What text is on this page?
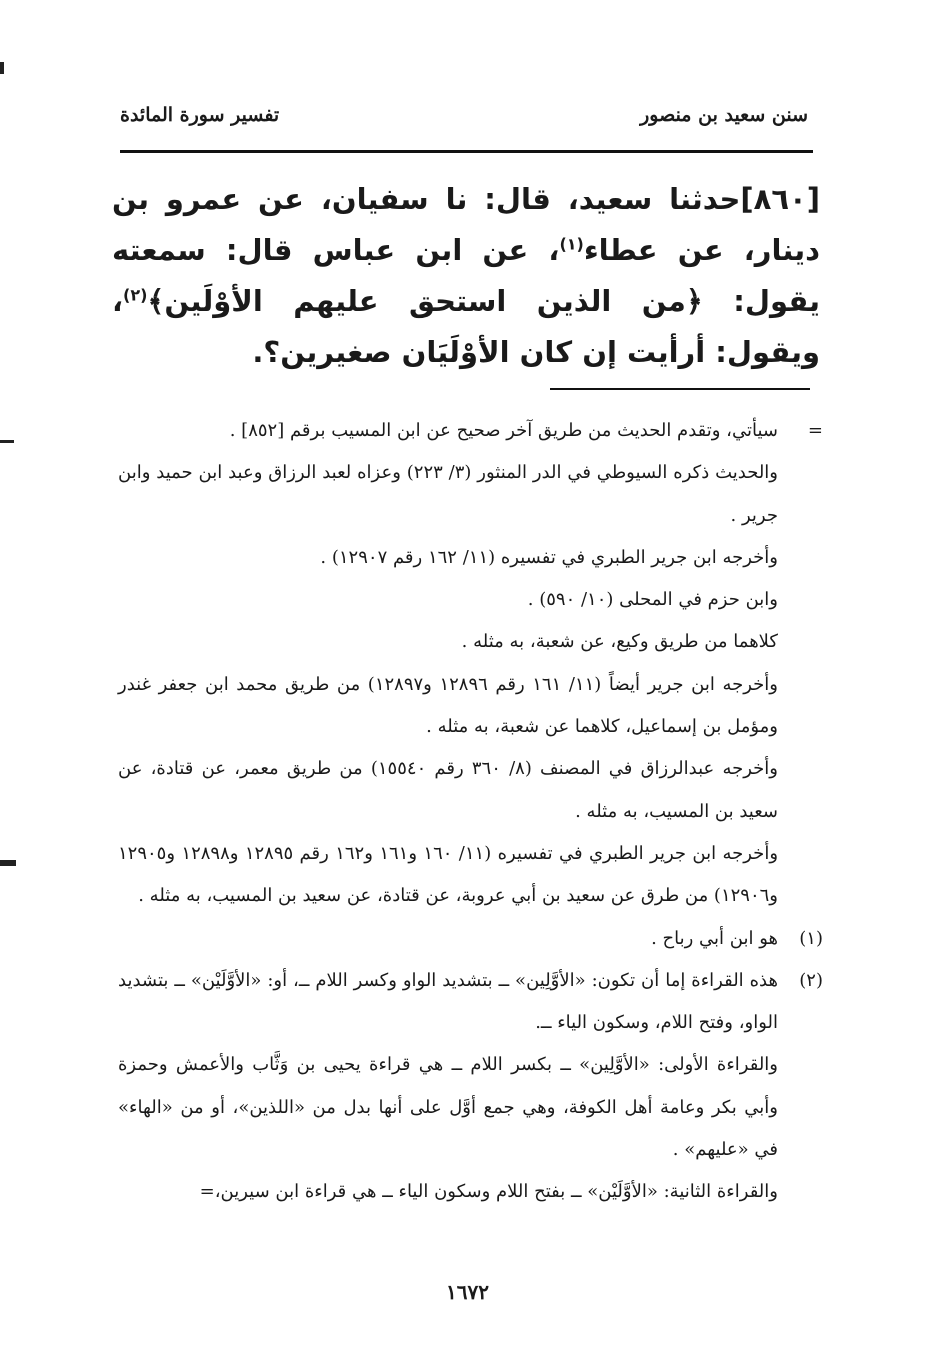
سنن سعيد بن منصور
تفسير سورة المائدة
[٨٦٠]حدثنا سعيد، قال: نا سفيان، عن عمرو بن دينار، عن عطاء$^{(١)}$، عن ابن عباس قال: سمعته يقول: ﴿من الذين استحق عليهم الأوْلَين﴾$^{(٢)}$، ويقول: أرأيت إن كان الأوْلَيَان صغيرين؟.
=

سيأتي، وتقدم الحديث من طريق آخر صحيح عن ابن المسيب برقم [٨٥٢] .

والحديث ذكره السيوطي في الدر المنثور (٣/ ٢٢٣) وعزاه لعبد الرزاق وعبد ابن حميد وابن جرير .

وأخرجه ابن جرير الطبري في تفسيره (١١/ ١٦٢ رقم ١٢٩٠٧) .

وابن حزم في المحلى (١٠/ ٥٩٠) .

كلاهما من طريق وكيع، عن شعبة، به مثله .

وأخرجه ابن جرير أيضاً (١١/ ١٦١ رقم ١٢٨٩٦ و١٢٨٩٧) من طريق محمد ابن جعفر غندر ومؤمل بن إسماعيل، كلاهما عن شعبة، به مثله .

وأخرجه عبدالرزاق في المصنف (٨/ ٣٦٠ رقم ١٥٥٤٠) من طريق معمر، عن قتادة، عن سعيد بن المسيب، به مثله .

وأخرجه ابن جرير الطبري في تفسيره (١١/ ١٦٠ و١٦١ و١٦٢ رقم ١٢٨٩٥ و١٢٨٩٨ و١٢٩٠٥ و١٢٩٠٦) من طرق عن سعيد بن أبي عروبة، عن قتادة، عن سعيد بن المسيب، به مثله .

(١)

هو ابن أبي رباح .

(٢)

هذه القراءة إما أن تكون: «الأوَّلِين» ــ بتشديد الواو وكسر اللام ــ، أو: «الأوَّلَيْن» ــ بتشديد الواو، وفتح اللام، وسكون الياء ــ.

والقراءة الأولى: «الأوَّلِين» ــ بكسر اللام ــ هي قراءة يحيى بن وَثَّاب والأعمش وحمزة وأبي بكر وعامة أهل الكوفة، وهي جمع أوَّل على أنها بدل من «اللذين»، أو من «الهاء» في «عليهم» .

والقراءة الثانية: «الأوَّلَيْن» ــ بفتح اللام وسكون الياء ــ هي قراءة ابن سيرين،=

١٦٧٢
